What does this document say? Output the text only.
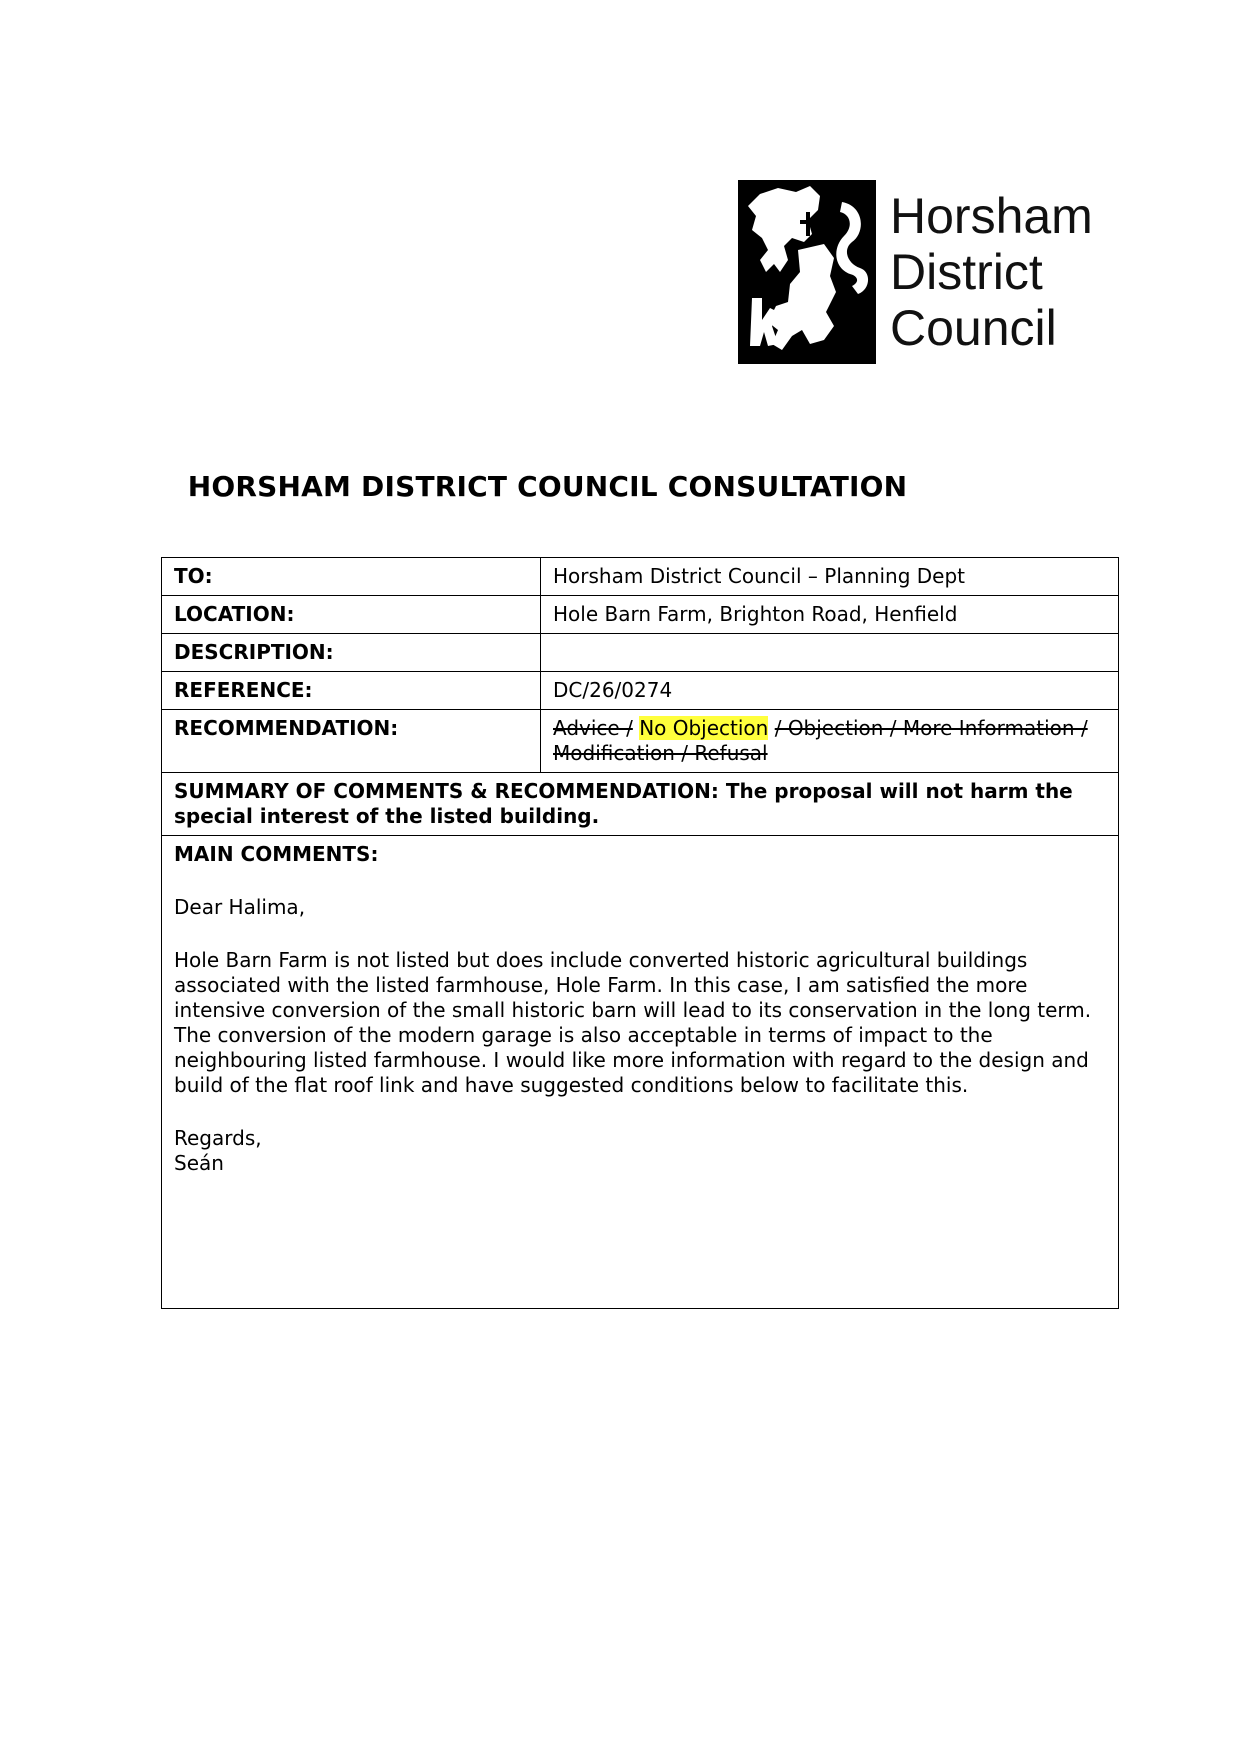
Horsham
District
Council
HORSHAM DISTRICT COUNCIL CONSULTATION
TO:	Horsham District Council – Planning Dept
LOCATION:	Hole Barn Farm, Brighton Road, Henfield
DESCRIPTION:	
REFERENCE:	DC/26/0274
RECOMMENDATION:	Advice / No Objection / Objection / More Information / Modification / Refusal
SUMMARY OF COMMENTS & RECOMMENDATION: The proposal will not harm the special interest of the listed building.	

MAIN COMMENTS:

Dear Halima,

Hole Barn Farm is not listed but does include converted historic agricultural buildings associated with the listed farmhouse, Hole Farm. In this case, I am satisfied the more intensive conversion of the small historic barn will lead to its conservation in the long term. The conversion of the modern garage is also acceptable in terms of impact to the neighbouring listed farmhouse. I would like more information with regard to the design and build of the flat roof link and have suggested conditions below to facilitate this.

Regards,

Seán	
